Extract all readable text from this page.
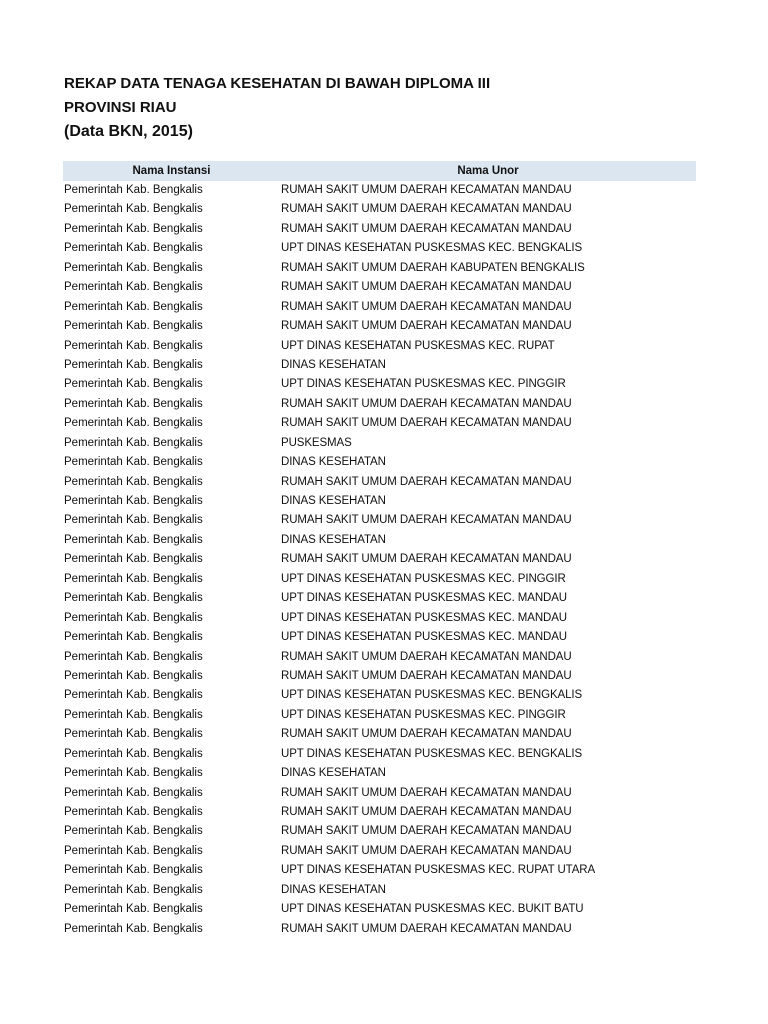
REKAP DATA TENAGA KESEHATAN DI BAWAH DIPLOMA III
PROVINSI RIAU
(Data BKN, 2015)
Nama Instansi	Nama Unor
Pemerintah Kab. Bengkalis	RUMAH SAKIT UMUM DAERAH KECAMATAN MANDAU
Pemerintah Kab. Bengkalis	RUMAH SAKIT UMUM DAERAH KECAMATAN MANDAU
Pemerintah Kab. Bengkalis	RUMAH SAKIT UMUM DAERAH KECAMATAN MANDAU
Pemerintah Kab. Bengkalis	UPT DINAS KESEHATAN PUSKESMAS KEC. BENGKALIS
Pemerintah Kab. Bengkalis	RUMAH SAKIT UMUM DAERAH KABUPATEN BENGKALIS
Pemerintah Kab. Bengkalis	RUMAH SAKIT UMUM DAERAH KECAMATAN MANDAU
Pemerintah Kab. Bengkalis	RUMAH SAKIT UMUM DAERAH KECAMATAN MANDAU
Pemerintah Kab. Bengkalis	RUMAH SAKIT UMUM DAERAH KECAMATAN MANDAU
Pemerintah Kab. Bengkalis	UPT DINAS KESEHATAN PUSKESMAS KEC. RUPAT
Pemerintah Kab. Bengkalis	DINAS KESEHATAN
Pemerintah Kab. Bengkalis	UPT DINAS KESEHATAN PUSKESMAS KEC. PINGGIR
Pemerintah Kab. Bengkalis	RUMAH SAKIT UMUM DAERAH KECAMATAN MANDAU
Pemerintah Kab. Bengkalis	RUMAH SAKIT UMUM DAERAH KECAMATAN MANDAU
Pemerintah Kab. Bengkalis	PUSKESMAS
Pemerintah Kab. Bengkalis	DINAS KESEHATAN
Pemerintah Kab. Bengkalis	RUMAH SAKIT UMUM DAERAH KECAMATAN MANDAU
Pemerintah Kab. Bengkalis	DINAS KESEHATAN
Pemerintah Kab. Bengkalis	RUMAH SAKIT UMUM DAERAH KECAMATAN MANDAU
Pemerintah Kab. Bengkalis	DINAS KESEHATAN
Pemerintah Kab. Bengkalis	RUMAH SAKIT UMUM DAERAH KECAMATAN MANDAU
Pemerintah Kab. Bengkalis	UPT DINAS KESEHATAN PUSKESMAS KEC. PINGGIR
Pemerintah Kab. Bengkalis	UPT DINAS KESEHATAN PUSKESMAS KEC. MANDAU
Pemerintah Kab. Bengkalis	UPT DINAS KESEHATAN PUSKESMAS KEC. MANDAU
Pemerintah Kab. Bengkalis	UPT DINAS KESEHATAN PUSKESMAS KEC. MANDAU
Pemerintah Kab. Bengkalis	RUMAH SAKIT UMUM DAERAH KECAMATAN MANDAU
Pemerintah Kab. Bengkalis	RUMAH SAKIT UMUM DAERAH KECAMATAN MANDAU
Pemerintah Kab. Bengkalis	UPT DINAS KESEHATAN PUSKESMAS KEC. BENGKALIS
Pemerintah Kab. Bengkalis	UPT DINAS KESEHATAN PUSKESMAS KEC. PINGGIR
Pemerintah Kab. Bengkalis	RUMAH SAKIT UMUM DAERAH KECAMATAN MANDAU
Pemerintah Kab. Bengkalis	UPT DINAS KESEHATAN PUSKESMAS KEC. BENGKALIS
Pemerintah Kab. Bengkalis	DINAS KESEHATAN
Pemerintah Kab. Bengkalis	RUMAH SAKIT UMUM DAERAH KECAMATAN MANDAU
Pemerintah Kab. Bengkalis	RUMAH SAKIT UMUM DAERAH KECAMATAN MANDAU
Pemerintah Kab. Bengkalis	RUMAH SAKIT UMUM DAERAH KECAMATAN MANDAU
Pemerintah Kab. Bengkalis	RUMAH SAKIT UMUM DAERAH KECAMATAN MANDAU
Pemerintah Kab. Bengkalis	UPT DINAS KESEHATAN PUSKESMAS KEC. RUPAT UTARA
Pemerintah Kab. Bengkalis	DINAS KESEHATAN
Pemerintah Kab. Bengkalis	UPT DINAS KESEHATAN PUSKESMAS KEC. BUKIT BATU
Pemerintah Kab. Bengkalis	RUMAH SAKIT UMUM DAERAH KECAMATAN MANDAU
